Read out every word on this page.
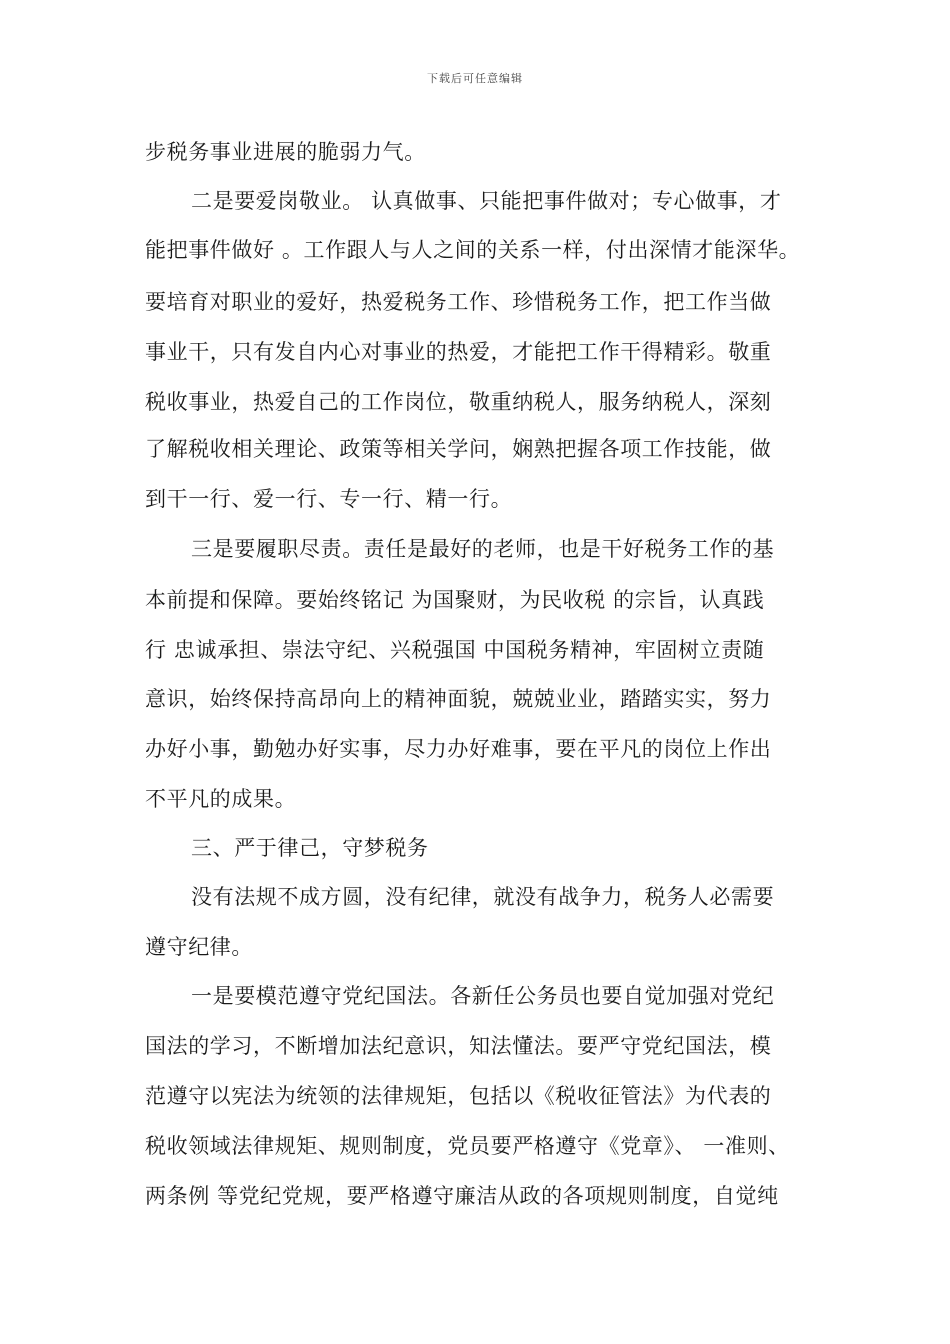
下载后可任意编辑
步税务事业进展的脆弱力气。
二是要爱岗敬业。 认真做事、只能把事件做对；专心做事，才
能把事件做好 。工作跟人与人之间的关系一样，付出深情才能深华。
要培育对职业的爱好，热爱税务工作、珍惜税务工作，把工作当做
事业干，只有发自内心对事业的热爱，才能把工作干得精彩。敬重
税收事业，热爱自己的工作岗位，敬重纳税人，服务纳税人，深刻
了解税收相关理论、政策等相关学问，娴熟把握各项工作技能，做
到干一行、爱一行、专一行、精一行。
三是要履职尽责。责任是最好的老师，也是干好税务工作的基
本前提和保障。要始终铭记 为国聚财，为民收税 的宗旨，认真践
行 忠诚承担、崇法守纪、兴税强国 中国税务精神，牢固树立责随
意识，始终保持高昂向上的精神面貌，兢兢业业，踏踏实实，努力
办好小事，勤勉办好实事，尽力办好难事，要在平凡的岗位上作出
不平凡的成果。
三、严于律己，守梦税务
没有法规不成方圆，没有纪律，就没有战争力，税务人必需要
遵守纪律。
一是要模范遵守党纪国法。各新任公务员也要自觉加强对党纪
国法的学习，不断增加法纪意识，知法懂法。要严守党纪国法，模
范遵守以宪法为统领的法律规矩，包括以《税收征管法》为代表的
税收领域法律规矩、规则制度，党员要严格遵守《党章》、 一准则、
两条例 等党纪党规，要严格遵守廉洁从政的各项规则制度，自觉纯
